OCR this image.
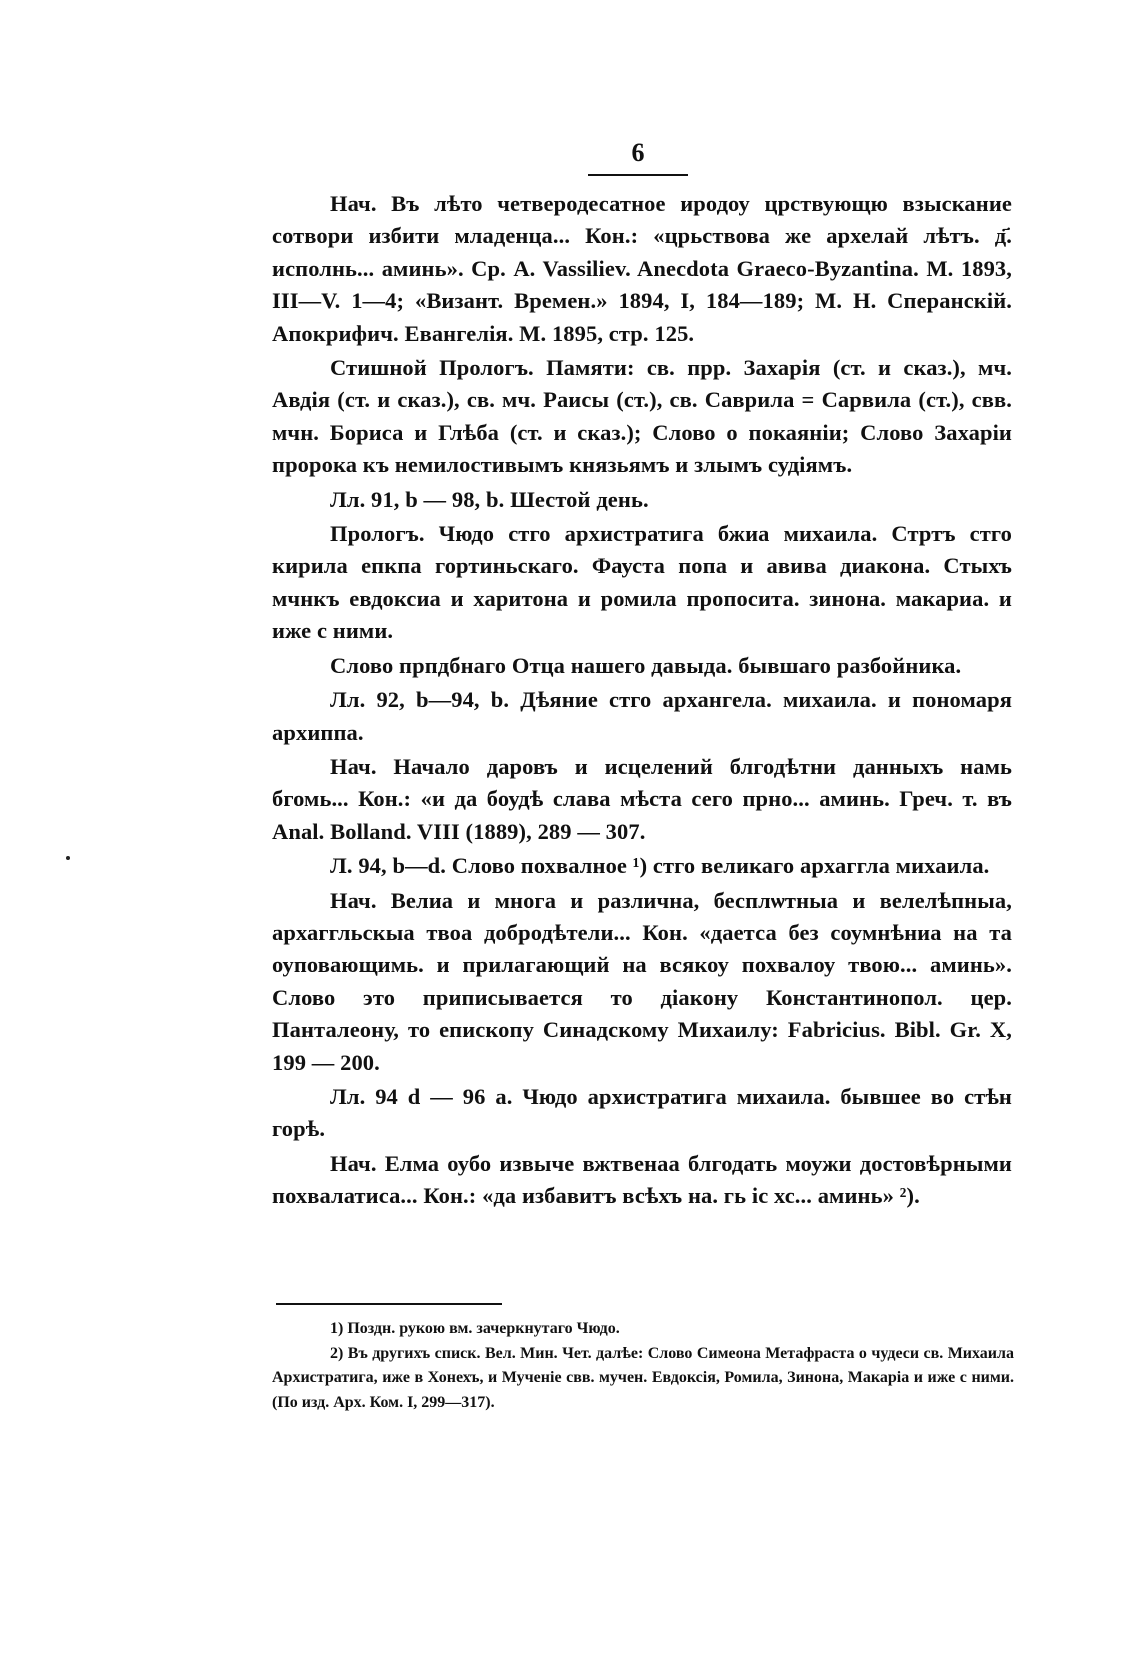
6

Нач. Въ лѣто четверодесатное иродоу црствующю взыскание сотвори избити младенца... Кон.: «црьствова же архелай лѣтъ. д҃. исполнь... аминь». Ср. A. Vassiliev. Anecdota Graeco-Byzantina. M. 1893, III—V. 1—4; «Визант. Времен.» 1894, I, 184—189; M. H. Сперанскій. Апокрифич. Евангелія. M. 1895, стр. 125.

Стишной Прологъ. Памяти: св. прр. Захарія (ст. и сказ.), мч. Авдія (ст. и сказ.), св. мч. Раисы (ст.), св. Саврила = Сарвила (ст.), свв. мчн. Бориса и Глѣба (ст. и сказ.); Слово о покаяніи; Слово Захаріи пророка къ немилостивымъ князьямъ и злымъ судіямъ.

Лл. 91, b — 98, b. Шестой день.

Прологъ. Чюдо стго архистратига бжиа михаила. Стртъ стго кирила епкпа гортиньскаго. Фауста попа и авива диакона. Стыхъ мчнкъ евдоксиа и харитона и ромила пропосита. зинона. макариа. и иже с ними.

Слово прпдбнаго Отца нашего давыда. бывшаго разбойника.

Лл. 92, b—94, b. Дѣяние стго архангела. михаила. и пономаря архиппа.

Нач. Начало даровъ и исцелений блгодѣтни данныхъ намь бгомь... Кон.: «и да боудѣ слава мѣста сего прно... аминь. Греч. т. въ Anal. Bolland. VIII (1889), 289 — 307.

Л. 94, b—d. Слово похвалное ¹) стго великаго архаггла михаила.

Нач. Велиа и многа и различна, бесплѡтныа и велелѣпныа, архаггльскыа твоа добродѣтели... Кон. «даетса без соумнѣниа на та оуповающимь. и прилагающий на всякоу похвалоу твою... аминь». Слово это приписывается то діакону Константинопол. цер. Панталеону, то епископу Синадскому Михаилу: Fabricius. Bibl. Gr. X, 199 — 200.

Лл. 94 d — 96 a. Чюдо архистратига михаила. бывшее во стѣн горѣ.

Нач. Елма оубо извыче вжтвенаа блгодать моужи достовѣрными похвалатиса... Кон.: «да избавитъ всѣхъ на. гь іс хс... аминь» ²).

1) Поздн. рукою вм. зачеркнутаго Чюдо.

2) Въ другихъ списк. Вел. Мин. Чет. далѣе: Слово Симеона Метафраста о чудеси св. Михаила Архистратига, иже в Хонехъ, и Мученіе свв. мучен. Евдоксія, Ромила, Зинона, Макаріа и иже с ними. (По изд. Арх. Ком. I, 299—317).
